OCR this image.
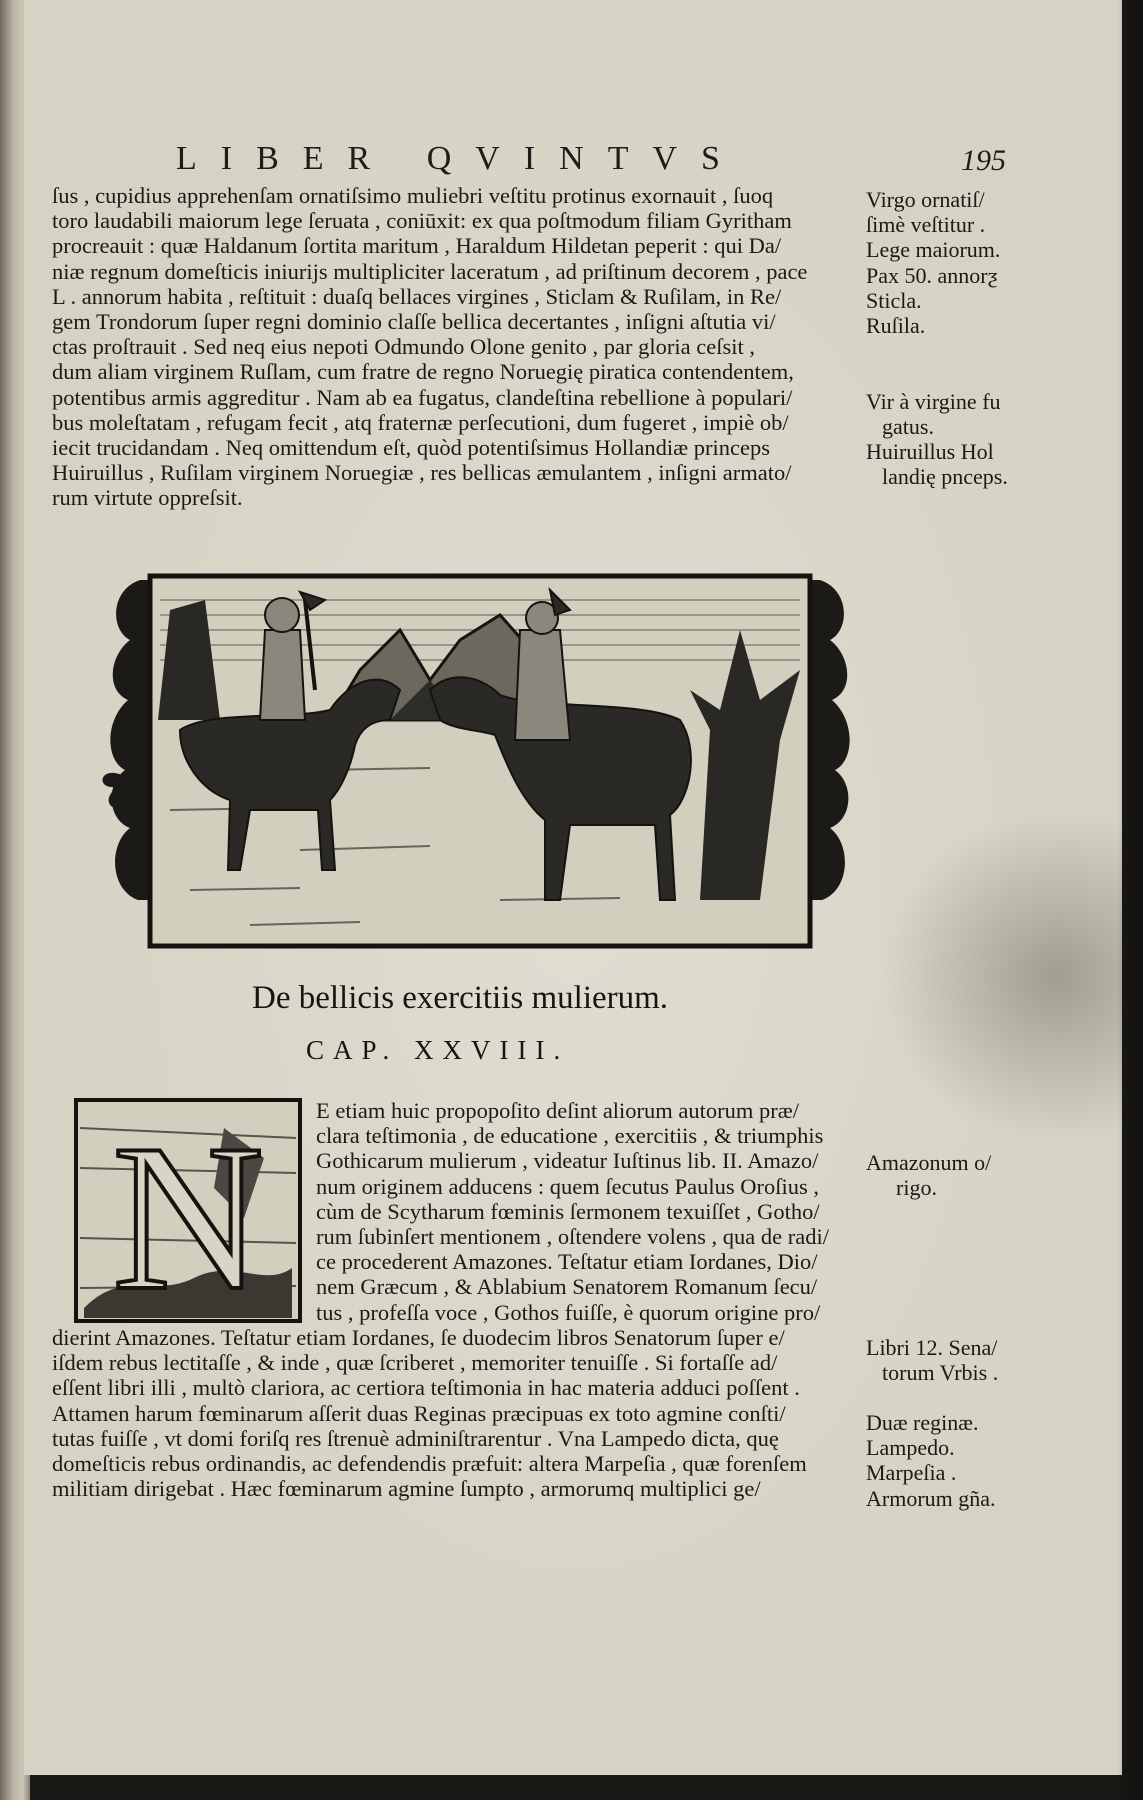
LIBER QVINTVS	195
ſus , cupidius apprehenſam ornatiſsimo muliebri veſtitu protinus exornauit , ſuoq
toro laudabili maiorum lege ſeruata , coniūxit: ex qua poſtmodum filiam Gyritham
procreauit : quæ Haldanum ſortita maritum , Haraldum Hildetan peperit : qui Da/
niæ regnum domeſticis iniurijs multipliciter laceratum , ad priſtinum decorem , pace
L . annorum habita , reſtituit : duaſq bellaces virgines , Sticlam & Ruſilam, in Re/
gem Trondorum ſuper regni dominio claſſe bellica decertantes , inſigni aſtutia vi/
ctas proſtrauit . Sed neq eius nepoti Odmundo Olone genito , par gloria ceſsit ,
dum aliam virginem Ruſlam, cum fratre de regno Noruegię piratica contendentem,
potentibus armis aggreditur . Nam ab ea fugatus, clandeſtina rebellione à populari/
bus moleſtatam , refugam fecit , atq fraternæ perſecutioni, dum fugeret , impiè ob/
iecit trucidandam . Neq omittendum eſt, quòd potentiſsimus Hollandiæ princeps
Huiruillus , Ruſilam virginem Noruegiæ , res bellicas æmulantem , inſigni armato/
rum virtute oppreſsit.
Virgo ornatiſ/
ſimè veſtitur .
Lege maiorum.
Pax 50. annorƺ
Sticla.
Ruſila.

Vir à virgine fu
gatus.
Huiruillus Hol
landię pnceps.
De bellicis exercitiis mulierum.
CAP. XXVIII.
N E etiam huic propopoſito deſint aliorum autorum præ/
clara teſtimonia , de educatione , exercitiis , & triumphis
Gothicarum mulierum , videatur Iuſtinus lib. II. Amazo/
num originem adducens : quem ſecutus Paulus Oroſius ,
cùm de Scytharum fœminis ſermonem texuiſſet , Gotho/
rum ſubinſert mentionem , oſtendere volens , qua de radi/
ce procederent Amazones. Teſtatur etiam Iordanes, Dio/
nem Græcum , & Ablabium Senatorem Romanum ſecu/
tus , profeſſa voce , Gothos fuiſſe, è quorum origine pro/
dierint Amazones. Teſtatur etiam Iordanes, ſe duodecim libros Senatorum ſuper e/
iſdem rebus lectitaſſe , & inde , quæ ſcriberet , memoriter tenuiſſe . Si fortaſſe ad/
eſſent libri illi , multò clariora, ac certiora teſtimonia in hac materia adduci poſſent .
Attamen harum fœminarum aſſerit duas Reginas præcipuas ex toto agmine conſti/
tutas fuiſſe , vt domi foriſq res ſtrenuè adminiſtrarentur . Vna Lampedo dicta, quę
domeſticis rebus ordinandis, ac defendendis præfuit: altera Marpeſia , quæ forenſem
militiam dirigebat . Hæc fœminarum agmine ſumpto , armorumq multiplici ge/
Amazonum o/
rigo.
Libri 12. Sena/
torum Vrbis .
Duæ reginæ.
Lampedo.
Marpeſia .
Armorum gña.
